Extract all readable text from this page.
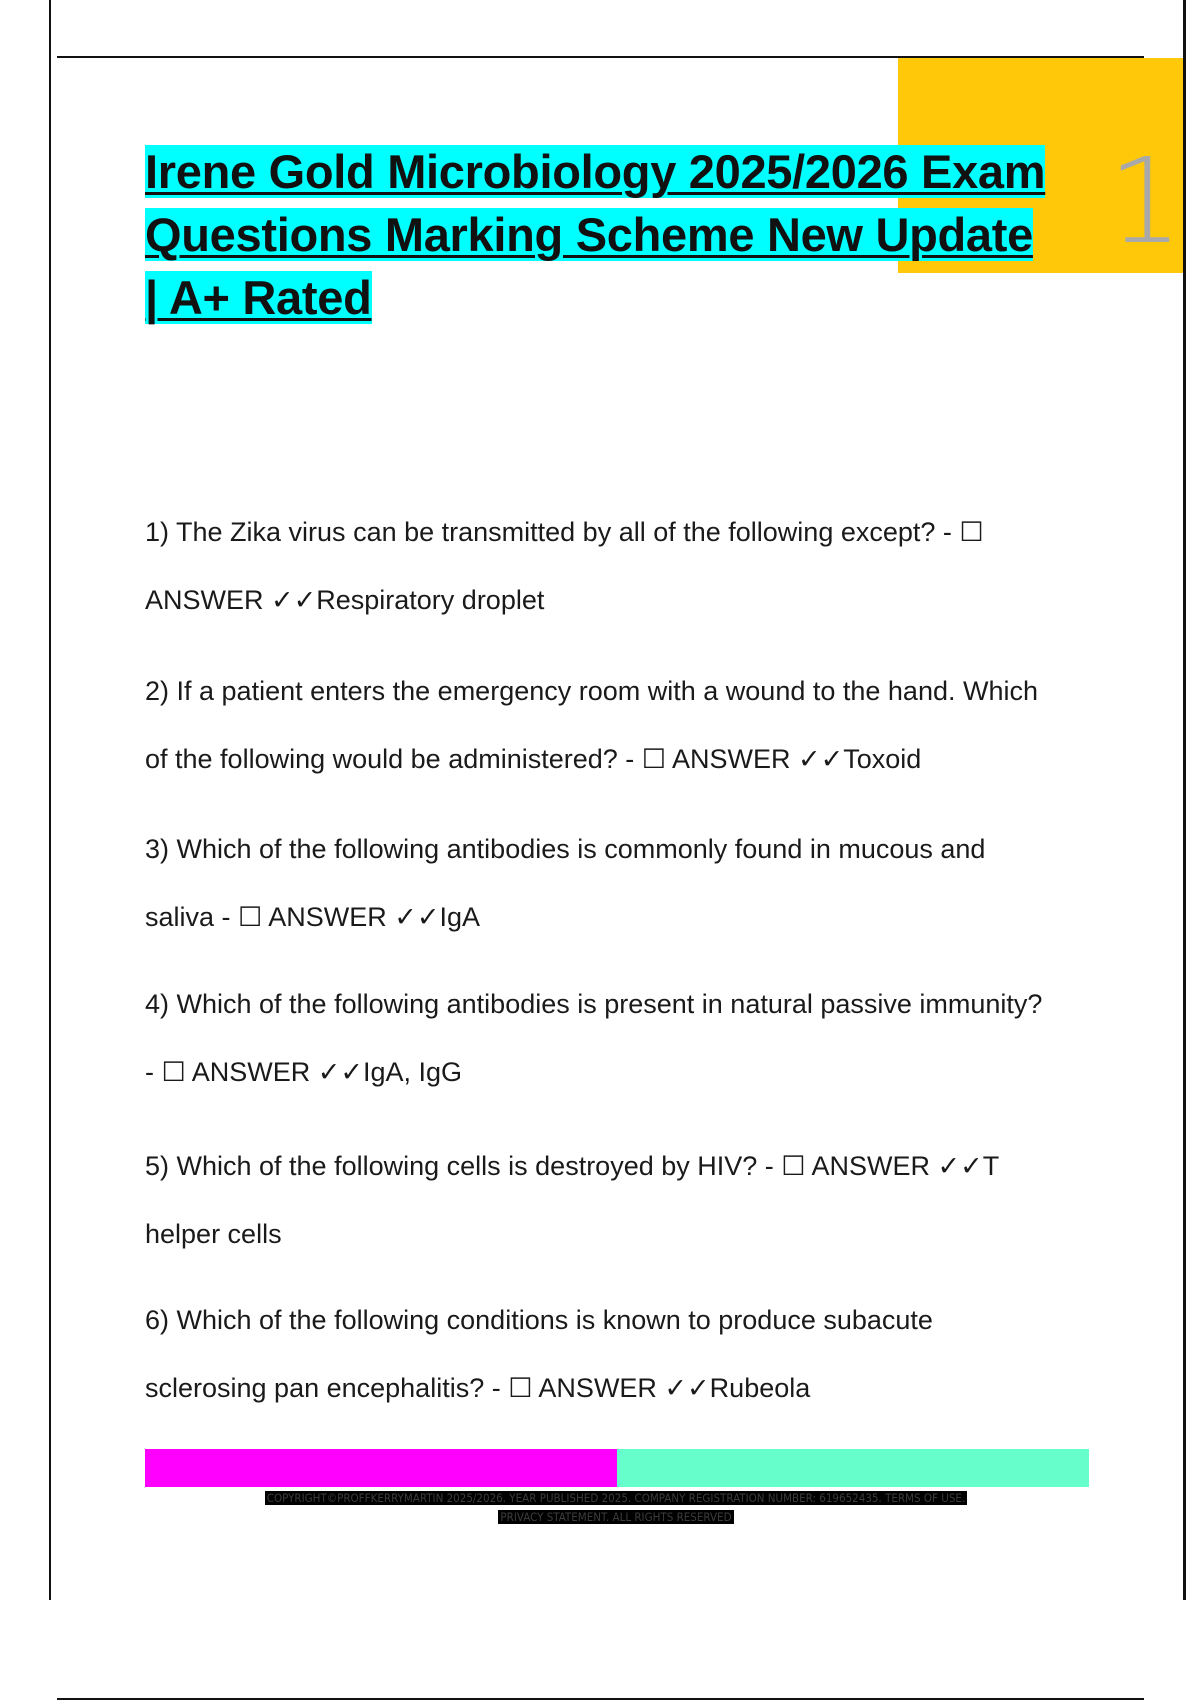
1
Irene Gold Microbiology 2025/2026 Exam
Questions Marking Scheme New Update
| A+ Rated
1) The Zika virus can be transmitted by all of the following except? - ☐
ANSWER ✓✓Respiratory droplet
2) If a patient enters the emergency room with a wound to the hand. Which
of the following would be administered? - ☐ ANSWER ✓✓Toxoid
3) Which of the following antibodies is commonly found in mucous and
saliva - ☐ ANSWER ✓✓IgA
4) Which of the following antibodies is present in natural passive immunity?
- ☐ ANSWER ✓✓IgA, IgG
5) Which of the following cells is destroyed by HIV? - ☐ ANSWER ✓✓T
helper cells
6) Which of the following conditions is known to produce subacute
sclerosing pan encephalitis? - ☐ ANSWER ✓✓Rubeola
COPYRIGHT©PROFFKERRYMARTIN 2025/2026. YEAR PUBLISHED 2025. COMPANY REGISTRATION NUMBER: 619652435. TERMS OF USE.
PRIVACY STATEMENT. ALL RIGHTS RESERVED
